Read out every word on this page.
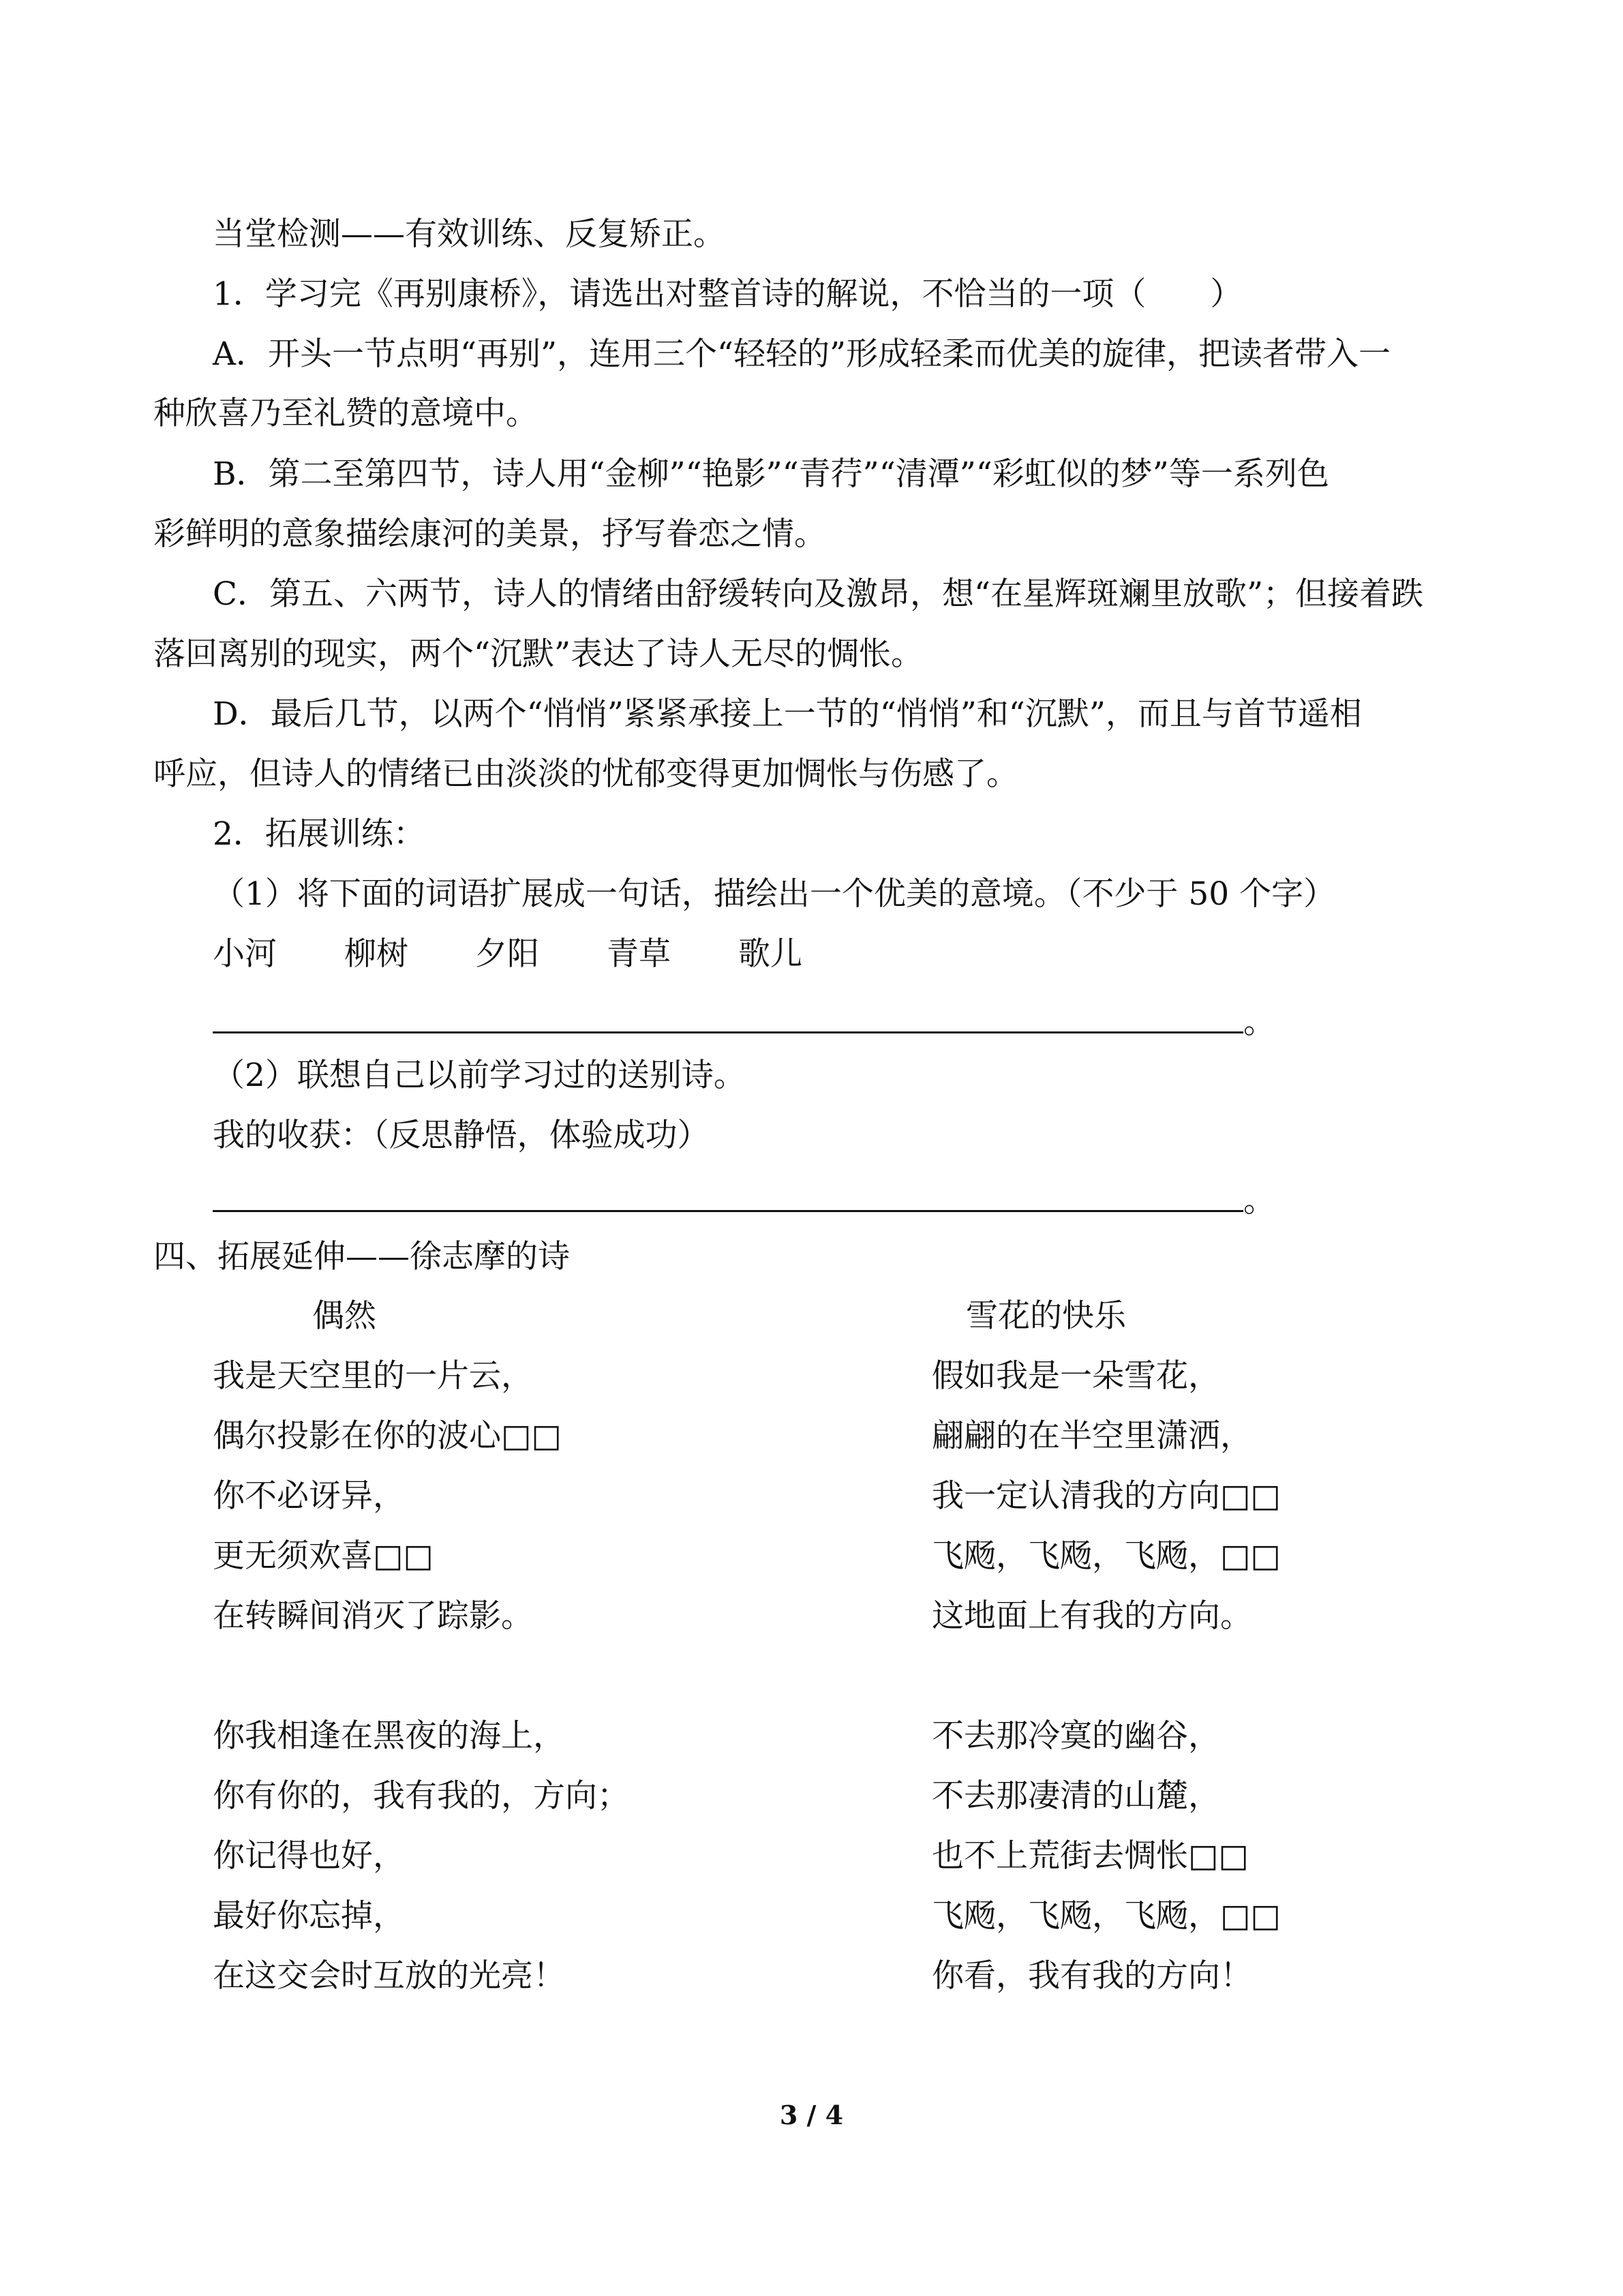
当堂检测——有效训练、反复矫正。
1．学习完《再别康桥》，请选出对整首诗的解说，不恰当的一项（　　）
A．开头一节点明“再别”，连用三个“轻轻的”形成轻柔而优美的旋律，把读者带入一
种欣喜乃至礼赞的意境中。
B．第二至第四节，诗人用“金柳”“艳影”“青荇”“清潭”“彩虹似的梦”等一系列色
彩鲜明的意象描绘康河的美景，抒写眷恋之情。
C．第五、六两节，诗人的情绪由舒缓转向及激昂，想“在星辉斑斓里放歌”；但接着跌
落回离别的现实，两个“沉默”表达了诗人无尽的惆怅。
D．最后几节，以两个“悄悄”紧紧承接上一节的“悄悄”和“沉默”，而且与首节遥相
呼应，但诗人的情绪已由淡淡的忧郁变得更加惆怅与伤感了。
2．拓展训练：
（1）将下面的词语扩展成一句话，描绘出一个优美的意境。（不少于 50 个字）
小河 柳树 夕阳 青草 歌儿
。
（2）联想自己以前学习过的送别诗。
我的收获：（反思静悟，体验成功）
。
四、拓展延伸——徐志摩的诗
偶然
我是天空里的一片云，
偶尔投影在你的波心□□
你不必讶异，
更无须欢喜□□
在转瞬间消灭了踪影。
你我相逢在黑夜的海上，
你有你的，我有我的，方向；
你记得也好，
最好你忘掉，
在这交会时互放的光亮！
雪花的快乐
假如我是一朵雪花，
翩翩的在半空里潇洒，
我一定认清我的方向□□
飞飏，飞飏，飞飏，□□
这地面上有我的方向。
不去那冷寞的幽谷，
不去那凄清的山麓，
也不上荒街去惆怅□□
飞飏，飞飏，飞飏，□□
你看，我有我的方向！
3 / 4
